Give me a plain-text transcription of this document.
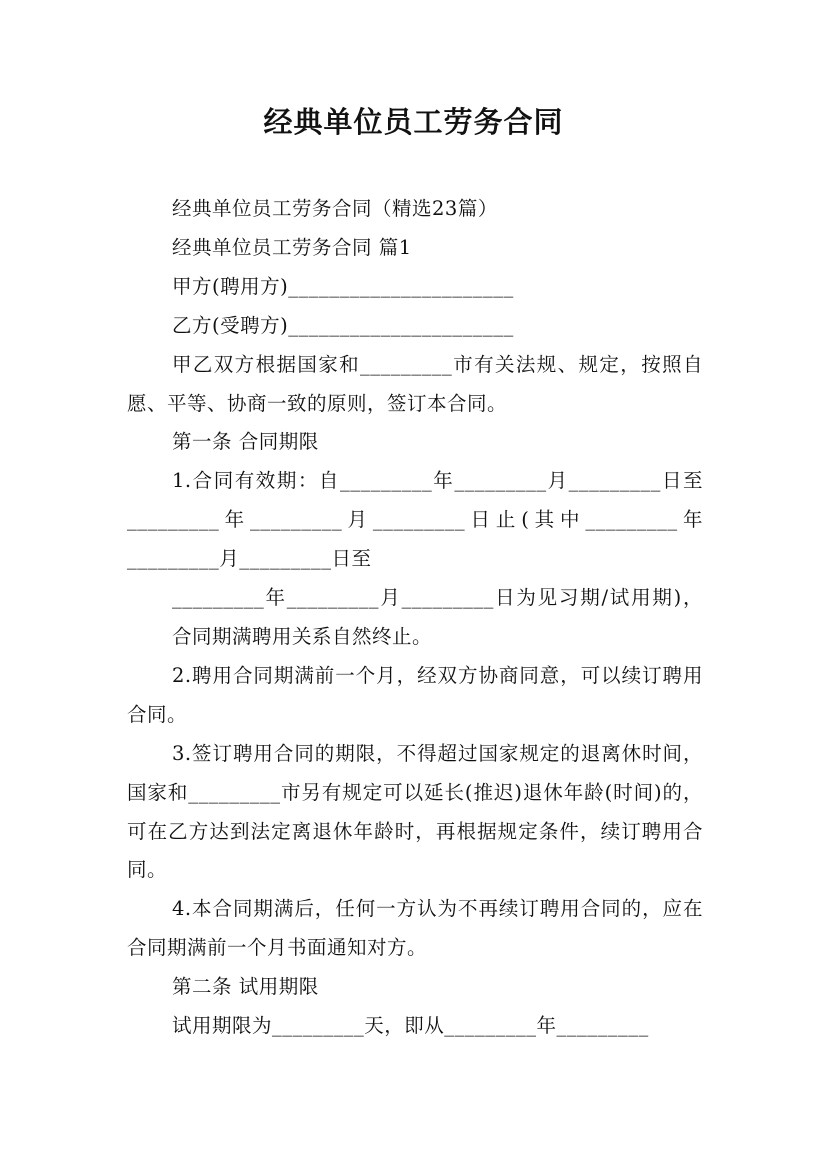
经典单位员工劳务合同

经典单位员工劳务合同（精选23篇）

经典单位员工劳务合同 篇1

甲方(聘用方)______________________

乙方(受聘方)______________________

甲乙双方根据国家和_________市有关法规、规定，按照自愿、平等、协商一致的原则，签订本合同。

第一条 合同期限

1.合同有效期：自_________年_________月_________日至_________年_________月_________日止(其中_________年_________月_________日至

_________年_________月_________日为见习期/试用期)，合同期满聘用关系自然终止。

2.聘用合同期满前一个月，经双方协商同意，可以续订聘用合同。

3.签订聘用合同的期限，不得超过国家规定的退离休时间，国家和_________市另有规定可以延长(推迟)退休年龄(时间)的，可在乙方达到法定离退休年龄时，再根据规定条件，续订聘用合同。

4.本合同期满后，任何一方认为不再续订聘用合同的，应在合同期满前一个月书面通知对方。

第二条 试用期限

试用期限为_________天，即从_________年_________
